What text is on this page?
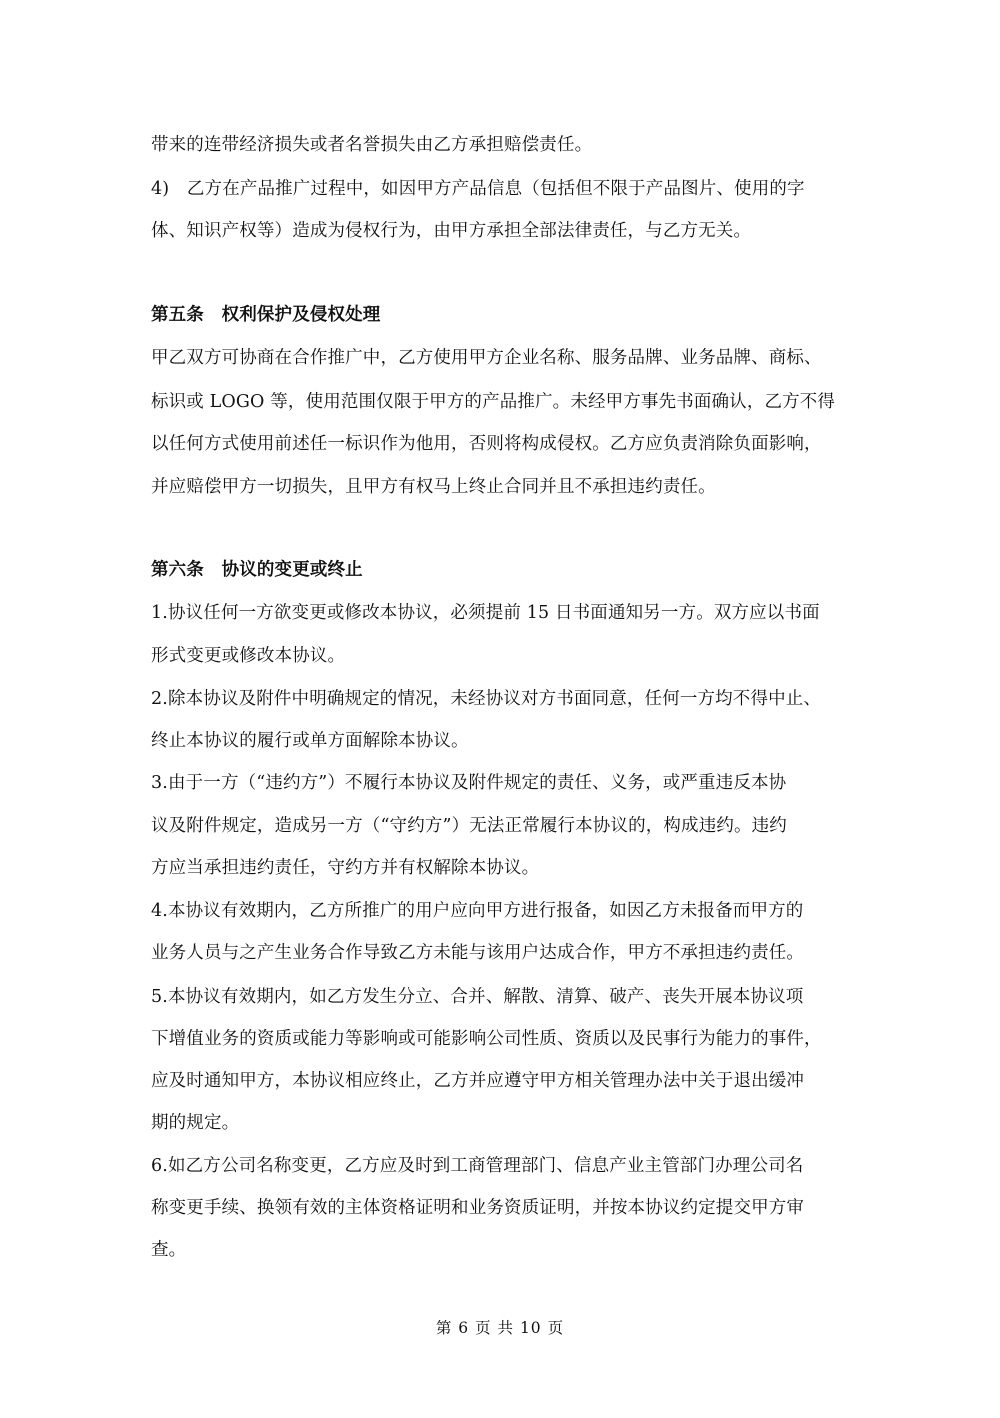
带来的连带经济损失或者名誉损失由乙方承担赔偿责任。
4)　乙方在产品推广过程中，如因甲方产品信息（包括但不限于产品图片、使用的字
体、知识产权等）造成为侵权行为，由甲方承担全部法律责任，与乙方无关。
第五条　权利保护及侵权处理
甲乙双方可协商在合作推广中，乙方使用甲方企业名称、服务品牌、业务品牌、商标、
标识或 LOGO 等，使用范围仅限于甲方的产品推广。未经甲方事先书面确认，乙方不得
以任何方式使用前述任一标识作为他用，否则将构成侵权。乙方应负责消除负面影响，
并应赔偿甲方一切损失，且甲方有权马上终止合同并且不承担违约责任。
第六条　协议的变更或终止
1.协议任何一方欲变更或修改本协议，必须提前 15 日书面通知另一方。双方应以书面
形式变更或修改本协议。
2.除本协议及附件中明确规定的情况，未经协议对方书面同意，任何一方均不得中止、
终止本协议的履行或单方面解除本协议。
3.由于一方（“违约方”）不履行本协议及附件规定的责任、义务，或严重违反本协
议及附件规定，造成另一方（“守约方”）无法正常履行本协议的，构成违约。违约
方应当承担违约责任，守约方并有权解除本协议。
4.本协议有效期内，乙方所推广的用户应向甲方进行报备，如因乙方未报备而甲方的
业务人员与之产生业务合作导致乙方未能与该用户达成合作，甲方不承担违约责任。
5.本协议有效期内，如乙方发生分立、合并、解散、清算、破产、丧失开展本协议项
下增值业务的资质或能力等影响或可能影响公司性质、资质以及民事行为能力的事件，
应及时通知甲方，本协议相应终止，乙方并应遵守甲方相关管理办法中关于退出缓冲
期的规定。
6.如乙方公司名称变更，乙方应及时到工商管理部门、信息产业主管部门办理公司名
称变更手续、换领有效的主体资格证明和业务资质证明，并按本协议约定提交甲方审
查。
第 6 页 共 10 页
